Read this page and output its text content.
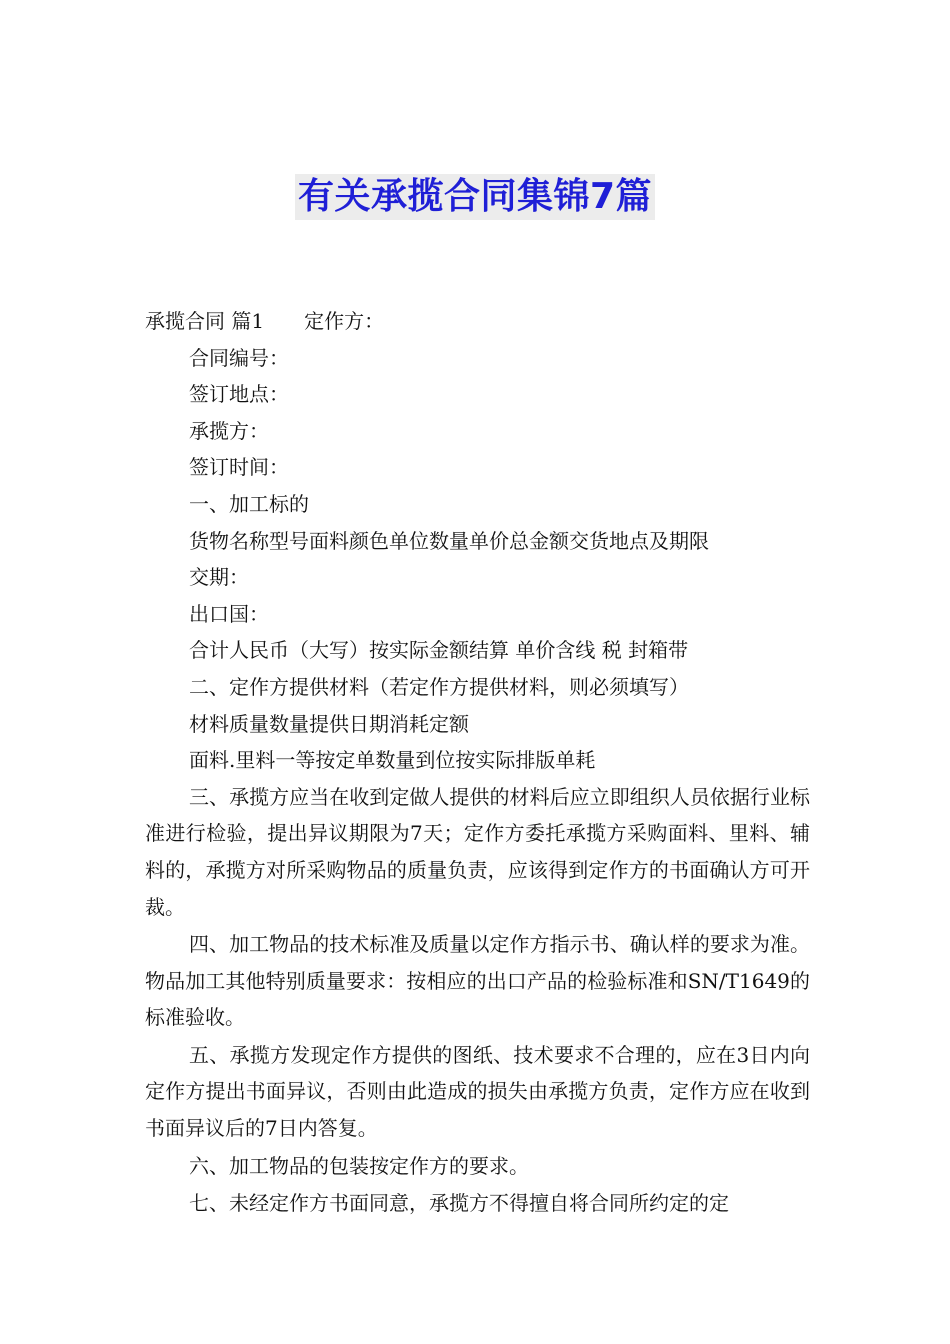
有关承揽合同集锦7篇

承揽合同 篇1 定作方：

合同编号：

签订地点：

承揽方：

签订时间：

一、加工标的

货物名称型号面料颜色单位数量单价总金额交货地点及期限

交期：

出口国：

合计人民币（大写）按实际金额结算 单价含线 税 封箱带

二、定作方提供材料（若定作方提供材料，则必须填写）

材料质量数量提供日期消耗定额

面料.里料一等按定单数量到位按实际排版单耗

三、承揽方应当在收到定做人提供的材料后应立即组织人员依据行业标准进行检验，提出异议期限为7天；定作方委托承揽方采购面料、里料、辅料的，承揽方对所采购物品的质量负责，应该得到定作方的书面确认方可开裁。

四、加工物品的技术标准及质量以定作方指示书、确认样的要求为准。物品加工其他特别质量要求：按相应的出口产品的检验标准和SN/T1649的标准验收。

五、承揽方发现定作方提供的图纸、技术要求不合理的，应在3日内向定作方提出书面异议，否则由此造成的损失由承揽方负责，定作方应在收到书面异议后的7日内答复。

六、加工物品的包装按定作方的要求。

七、未经定作方书面同意，承揽方不得擅自将合同所约定的定
